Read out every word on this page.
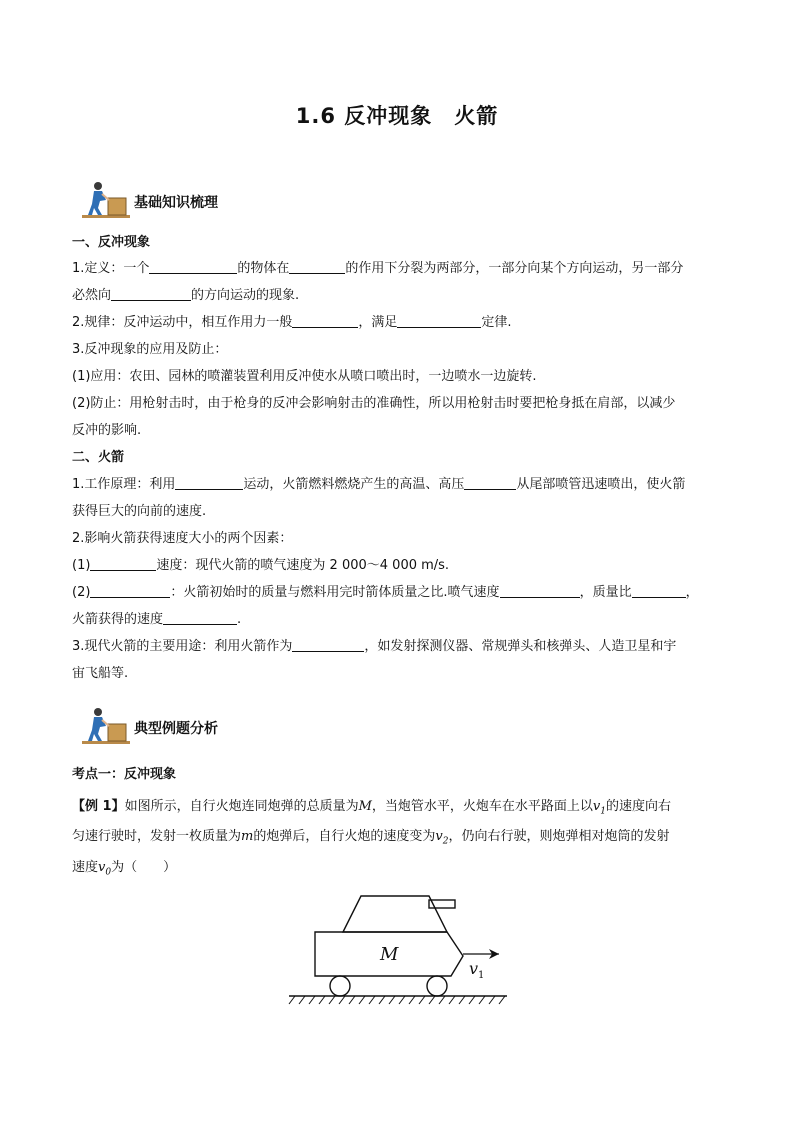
1.6 反冲现象　火箭
基础知识梳理
一、反冲现象
1.定义：一个	的物体在	的作用下分裂为两部分，一部分向某个方向运动，另一部分
必然向	的方向运动的现象.
2.规律：反冲运动中，相互作用力一般	，满足	定律.
3.反冲现象的应用及防止：
(1)应用：农田、园林的喷灌装置利用反冲使水从喷口喷出时，一边喷水一边旋转.
(2)防止：用枪射击时，由于枪身的反冲会影响射击的准确性，所以用枪射击时要把枪身抵在肩部，以减少
反冲的影响.
二、火箭
1.工作原理：利用	运动，火箭燃料燃烧产生的高温、高压	从尾部喷管迅速喷出，使火箭
获得巨大的向前的速度.
2.影响火箭获得速度大小的两个因素：
(1)	速度：现代火箭的喷气速度为 2 000～4 000 m/s.
(2)	：火箭初始时的质量与燃料用完时箭体质量之比.喷气速度	，质量比	，
火箭获得的速度	.
3.现代火箭的主要用途：利用火箭作为	，如发射探测仪器、常规弹头和核弹头、人造卫星和宇
宙飞船等.
典型例题分析
考点一：反冲现象
【例 1】如图所示，自行火炮连同炮弹的总质量为M，当炮管水平，火炮车在水平路面上以$v_1$的速度向右
匀速行驶时，发射一枚质量为m的炮弹后，自行火炮的速度变为$v_2$，仍向右行驶，则炮弹相对炮筒的发射
速度$v_0$为（　　）
M
v 1
